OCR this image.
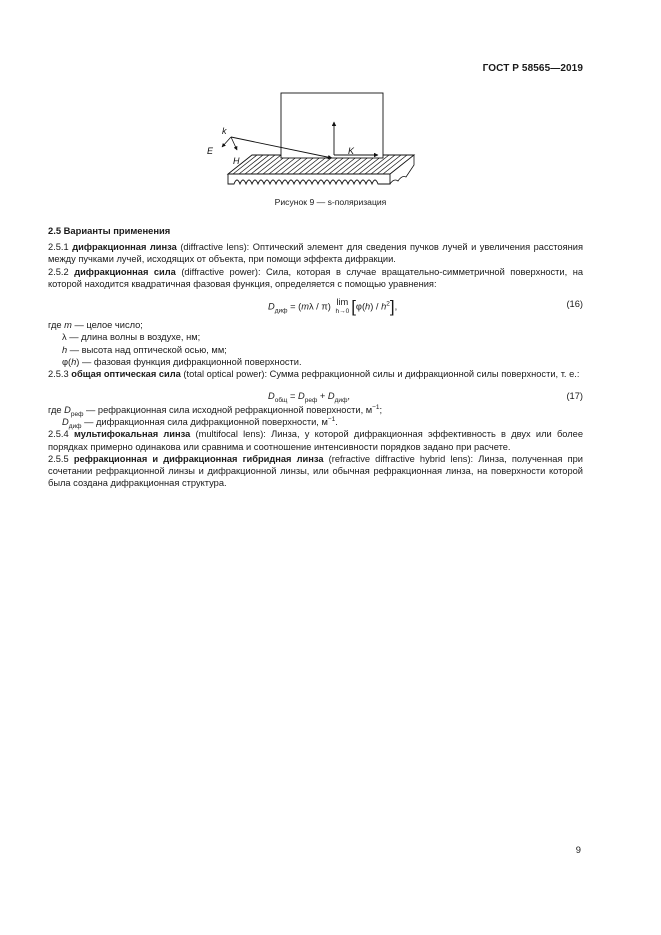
ГОСТ Р 58565—2019
k
E
H
K
Рисунок 9 — s-поляризация
2.5 Варианты применения

2.5.1 дифракционная линза (diffractive lens): Оптический элемент для сведения пучков лучей и увеличения расстояния между пучками лучей, исходящих от объекта, при помощи эффекта дифракции.

2.5.2 дифракционная сила (diffractive power): Сила, которая в случае вращательно-симметричной поверхности, на которой находится квадратичная фазовая функция, определяется с помощью уравнения:

$D_{диф} = (m\lambda / \pi)$ lim
h→0 $[\varphi(h) / h^2]$,	(16)

где m — целое число;

λ — длина волны в воздухе, нм;

h — высота над оптической осью, мм;

φ(h) — фазовая функция дифракционной поверхности.

2.5.3 общая оптическая сила (total optical power): Сумма рефракционной силы и дифракционной силы поверхности, т. е.:

$D_{общ} = D_{реф} + D_{диф}$,	(17)

где $D_{реф}$ — рефракционная сила исходной рефракционной поверхности, $м^{-1}$;

$D_{диф}$ — дифракционная сила дифракционной поверхности, $м^{-1}$.

2.5.4 мультифокальная линза (multifocal lens): Линза, у которой дифракционная эффективность в двух или более порядках примерно одинакова или сравнима и соотношение интенсивности порядков задано при расчете.

2.5.5 рефракционная и дифракционная гибридная линза (refractive diffractive hybrid lens): Линза, полученная при сочетании рефракционной линзы и дифракционной линзы, или обычная рефракционная линза, на поверхности которой была создана дифракционная структура.

9
